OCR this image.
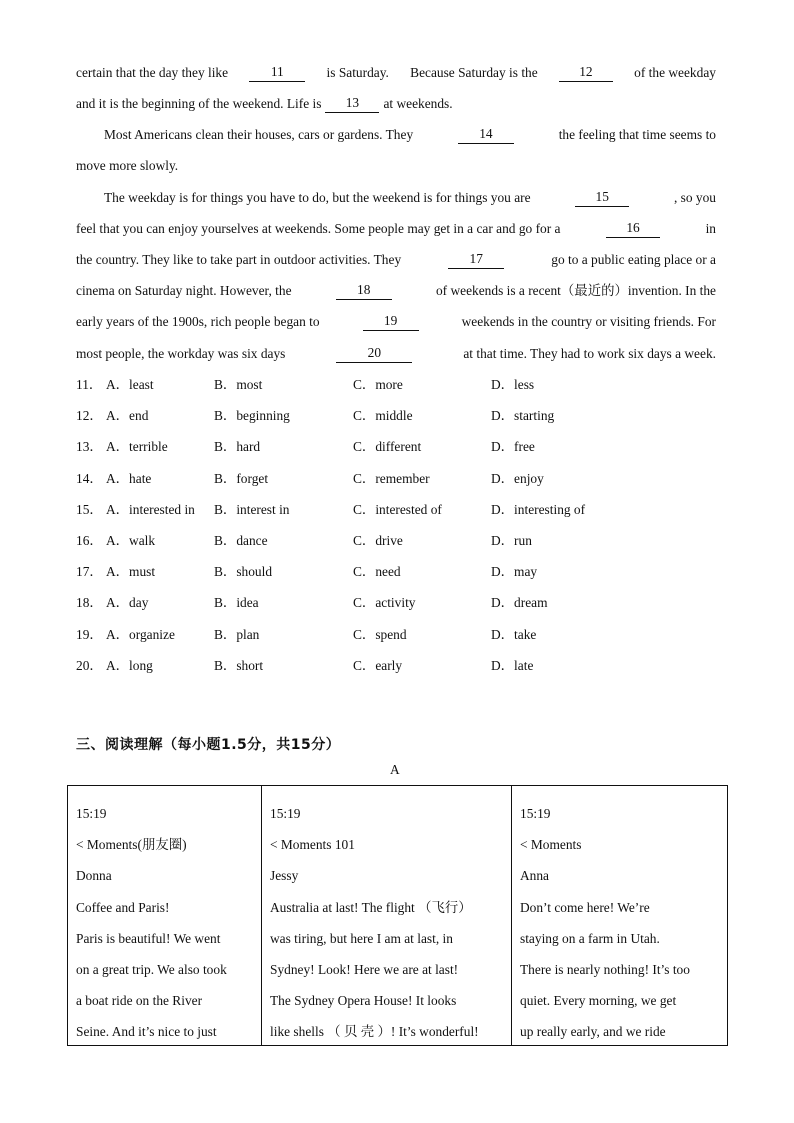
certain that the day they like	11	is Saturday. Because Saturday is the	12	of the weekday
and it is the beginning of the weekend. Life is	13	at weekends.
Most Americans clean their houses, cars or gardens. They	14	the feeling that time seems to
move more slowly.
The weekday is for things you have to do, but the weekend is for things you are	15	, so you
feel that you can enjoy yourselves at weekends. Some people may get in a car and go for a	16	in
the country. They like to take part in outdoor activities. They	17	go to a public eating place or a
cinema on Saturday night. However, the	18	of weekends is a recent（最近的）invention. In the
early years of the 1900s, rich people began to	19	weekends in the country or visiting friends. For
most people, the workday was six days	20	at that time. They had to work six days a week.
11． A．least	B．most	C．more	D．less
12． A．end	B．beginning	C．middle	D．starting
13． A．terrible	B．hard	C．different	D．free
14． A．hate	B．forget	C．remember	D．enjoy
15． A．interested in B．interest in	C．interested of	D．interesting of
16． A．walk	B．dance	C．drive	D．run
17． A．must	B．should	C．need	D．may
18． A．day	B．idea	C．activity	D．dream
19． A．organize	B．plan	C．spend	D．take
20． A．long	B．short	C．early	D．late
三、阅读理解（每小题1.5分，共15分）
A
15:19
< Moments(朋友圈)
Donna
Coffee and Paris!
Paris is beautiful! We went
on a great trip. We also took
a boat ride on the River
Seine. And it’s nice to just

15:19
< Moments 101
Jessy
Australia at last! The flight （飞行）
was tiring, but here I am at last, in
Sydney! Look! Here we are at last!
The Sydney Opera House! It looks
like shells （ 贝 壳 ）! It’s wonderful!

15:19
< Moments
Anna
Don’t come here! We’re
staying on a farm in Utah.
There is nearly nothing! It’s too
quiet. Every morning, we get
up really early, and we ride
